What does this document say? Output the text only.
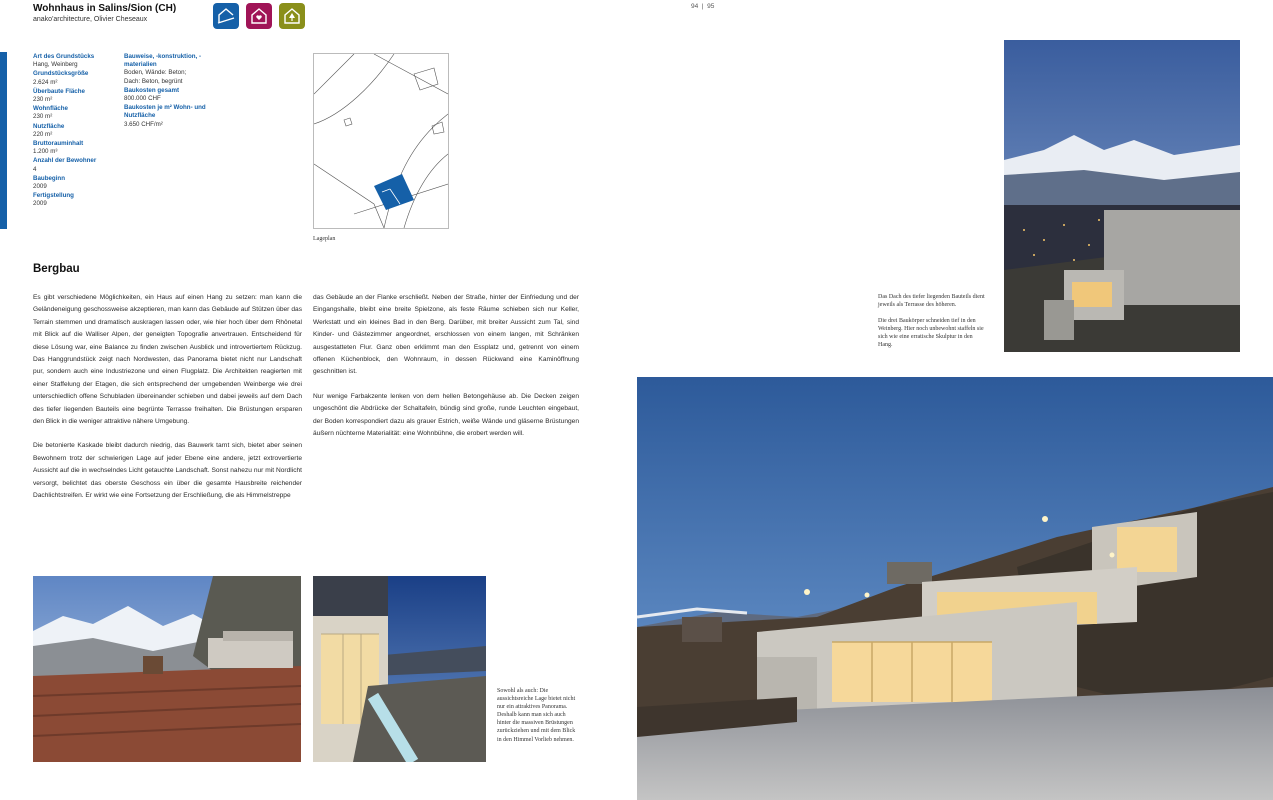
Wohnhaus in Salins/Sion (CH)
anako'architecture, Olivier Cheseaux
94  |  95
Art des Grundstücks
Hang, Weinberg
Grundstücksgröße
2.624 m²
Überbaute Fläche
230 m²
Wohnfläche
230 m²
Nutzfläche
220 m²
Bruttorauminhalt
1.200 m³
Anzahl der Bewohner
4
Baubeginn
2009
Fertigstellung
2009
Bauweise, -konstruktion, -materialien
Boden, Wände: Beton;
Dach: Beton, begrünt
Baukosten gesamt
800.000 CHF
Baukosten je m² Wohn- und Nutzfläche
3.650 CHF/m²
Lageplan
Bergbau

Es gibt verschiedene Möglichkeiten, ein Haus auf einen Hang zu setzen: man kann die Geländeneigung geschossweise akzeptieren, man kann das Gebäude auf Stützen über das Terrain stemmen und dramatisch auskragen lassen oder, wie hier hoch über dem Rhônetal mit Blick auf die Walliser Alpen, der geneigten Topografie anvertrauen. Entscheidend für diese Lösung war, eine Balance zu finden zwischen Ausblick und introvertiertem Rückzug. Das Hanggrundstück zeigt nach Nordwesten, das Panorama bietet nicht nur Landschaft pur, sondern auch eine Industriezone und einen Flugplatz. Die Architekten reagierten mit einer Staffelung der Etagen, die sich entsprechend der umgebenden Weinberge wie drei unterschiedlich offene Schubladen übereinander schieben und dabei jeweils auf dem Dach des tiefer liegenden Bauteils eine begrünte Terrasse freihalten. Die Brüstungen ersparen den Blick in die weniger attraktive nähere Umgebung.

Die betonierte Kaskade bleibt dadurch niedrig, das Bauwerk tarnt sich, bietet aber seinen Bewohnern trotz der schwierigen Lage auf jeder Ebene eine andere, jetzt extrovertierte Aussicht auf die in wechselndes Licht getauchte Landschaft. Sonst nahezu nur mit Nordlicht versorgt, belichtet das oberste Geschoss ein über die gesamte Hausbreite reichender Dachlichtstreifen. Er wirkt wie eine Fortsetzung der Erschließung, die als Himmelstreppe

das Gebäude an der Flanke erschließt. Neben der Straße, hinter der Einfriedung und der Eingangshalle, bleibt eine breite Spielzone, als feste Räume schieben sich nur Keller, Werkstatt und ein kleines Bad in den Berg. Darüber, mit breiter Aussicht zum Tal, sind Kinder- und Gästezimmer angeordnet, erschlossen von einem langen, mit Schränken ausgestatteten Flur. Ganz oben erklimmt man den Essplatz und, getrennt von einem offenen Küchenblock, den Wohnraum, in dessen Rückwand eine Kaminöffnung geschnitten ist.

Nur wenige Farbakzente lenken von dem hellen Betongehäuse ab. Die Decken zeigen ungeschönt die Abdrücke der Schaltafeln, bündig sind große, runde Leuchten eingebaut, der Boden korrespondiert dazu als grauer Estrich, weiße Wände und gläserne Brüstungen äußern nüchterne Materialität: eine Wohnbühne, die erobert werden will.

Sowohl als auch: Die aussichtsreiche Lage bietet nicht nur ein attraktives Panorama. Deshalb kann man sich auch hinter die massiven Brüstungen zurückziehen und mit dem Blick in den Himmel Vorlieb nehmen.
Das Dach des tiefer liegenden Bauteils dient jeweils als Terrasse des höheren.
Die drei Baukörper schneiden tief in den Weinberg. Hier noch unbewohnt staffeln sie sich wie eine erratische Skulptur in den Hang.
